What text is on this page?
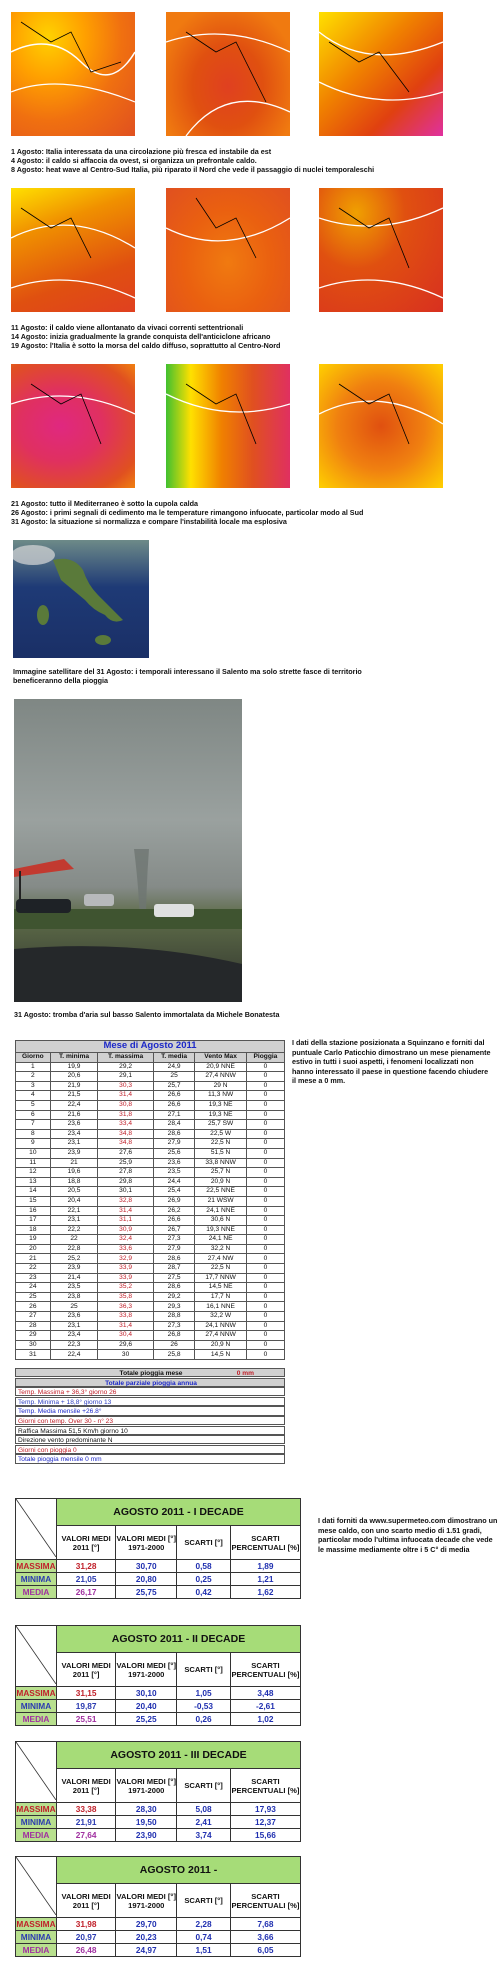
1 Agosto: Italia interessata da una circolazione più fresca ed instabile da est
4 Agosto: il caldo si affaccia da ovest, si organizza un prefrontale caldo.
8 Agosto: heat wave al Centro-Sud Italia, più riparato il Nord che vede il passaggio di nuclei temporaleschi
11 Agosto: il caldo viene allontanato da vivaci correnti settentrionali
14 Agosto: inizia gradualmente la grande conquista dell'anticiclone africano
19 Agosto: l'Italia è sotto la morsa del caldo diffuso, soprattutto al Centro-Nord
21 Agosto: tutto il Mediterraneo è sotto la cupola calda
26 Agosto: i primi segnali di cedimento ma le temperature rimangono infuocate, particolar modo al Sud
31 Agosto: la situazione si normalizza e compare l'instabilità locale ma esplosiva
Immagine satellitare del 31 Agosto: i temporali interessano il Salento ma solo strette fasce di territorio
beneficeranno della pioggia
31 Agosto: tromba d'aria sul basso Salento immortalata da Michele Bonatesta
Mese di Agosto 2011					
Giorno	T. minima	T. massima	T. media	Vento Max	Pioggia
1	19,9	29,2	24,9	20,9 NNE	0
2	20,6	29,1	25	27,4 NNW	0
3	21,9	30,3	25,7	29 N	0
4	21,5	31,4	26,6	11,3 NW	0
5	22,4	30,8	26,6	19,3 NE	0
6	21,6	31,8	27,1	19,3 NE	0
7	23,6	33,4	28,4	25,7 SW	0
8	23,4	34,8	28,6	22,5 W	0
9	23,1	34,8	27,9	22,5 N	0
10	23,9	27,6	25,6	51,5 N	0
11	21	25,9	23,6	33,8 NNW	0
12	19,6	27,8	23,5	25,7 N	0
13	18,8	29,8	24,4	20,9 N	0
14	20,5	30,1	25,4	22,5 NNE	0
15	20,4	32,8	26,9	21 WSW	0
16	22,1	31,4	26,2	24,1 NNE	0
17	23,1	31,1	26,6	30,6 N	0
18	22,2	30,9	26,7	19,3 NNE	0
19	22	32,4	27,3	24,1 NE	0
20	22,8	33,6	27,9	32,2 N	0
21	25,2	32,9	28,6	27,4 NW	0
22	23,9	33,9	28,7	22,5 N	0
23	21,4	33,9	27,5	17,7 NNW	0
24	23,5	35,2	28,6	14,5 NE	0
25	23,8	35,8	29,2	17,7 N	0
26	25	36,3	29,3	16,1 NNE	0
27	23,6	33,8	28,8	32,2 W	0
28	23,1	31,4	27,3	24,1 NNW	0
29	23,4	30,4	26,8	27,4 NNW	0
30	22,3	29,6	26	20,9 N	0
31	22,4	30	25,8	14,5 N	0
Totale pioggia mese	0 mm
Totale parziale pioggia annua
Temp. Massima + 36,3° giorno 26
Temp. Minima + 18,8° giorno 13
Temp. Media mensile +26.8°
Giorni con temp. Over 30 - n° 23
Raffica Massima 51,5 Km/h giorno 10
Direzione vento predominante N
Giorni con pioggia 0
Totale pioggia mensile 0 mm
I dati della stazione posizionata a Squinzano e forniti dal puntuale Carlo Paticchio dimostrano un mese pienamente estivo in tutti i suoi aspetti, i fenomeni localizzati non hanno interessato il paese in questione facendo chiudere il mese a 0 mm.
	AGOSTO 2011 - I DECADE			
	VALORI MEDI 2011 [°]	VALORI MEDI [°] 1971-2000	SCARTI [°]	SCARTI PERCENTUALI [%]
MASSIMA	31,28	30,70	0,58	1,89
MINIMA	21,05	20,80	0,25	1,21
MEDIA	26,17	25,75	0,42	1,62
	AGOSTO 2011 - II DECADE			
	VALORI MEDI 2011 [°]	VALORI MEDI [°] 1971-2000	SCARTI [°]	SCARTI PERCENTUALI [%]
MASSIMA	31,15	30,10	1,05	3,48
MINIMA	19,87	20,40	-0,53	-2,61
MEDIA	25,51	25,25	0,26	1,02
	AGOSTO 2011 - III DECADE			
	VALORI MEDI 2011 [°]	VALORI MEDI [°] 1971-2000	SCARTI [°]	SCARTI PERCENTUALI [%]
MASSIMA	33,38	28,30	5,08	17,93
MINIMA	21,91	19,50	2,41	12,37
MEDIA	27,64	23,90	3,74	15,66
	AGOSTO 2011 -			
	VALORI MEDI 2011 [°]	VALORI MEDI [°] 1971-2000	SCARTI [°]	SCARTI PERCENTUALI [%]
MASSIMA	31,98	29,70	2,28	7,68
MINIMA	20,97	20,23	0,74	3,66
MEDIA	26,48	24,97	1,51	6,05
I dati forniti da www.supermeteo.com dimostrano un mese caldo, con uno scarto medio di 1.51 gradi, particolar modo l'ultima infuocata decade che vede le massime mediamente oltre i 5 C° di media
